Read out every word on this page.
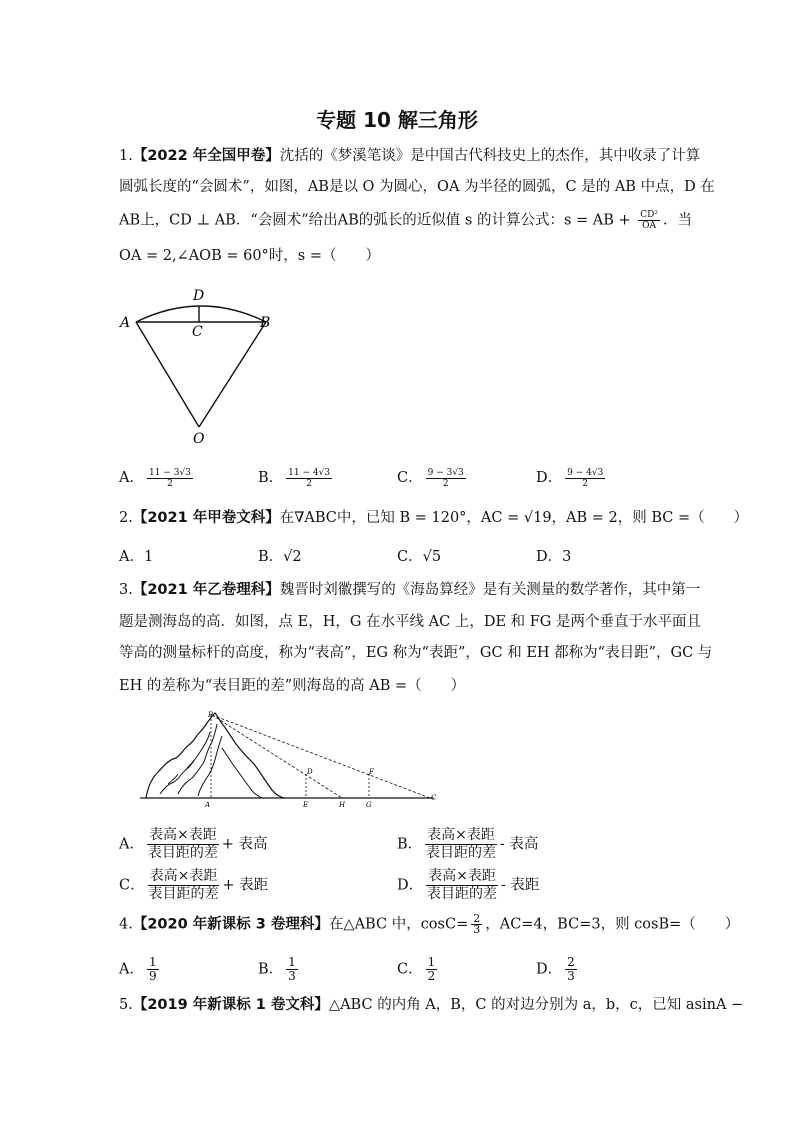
专题 10 解三角形
1.【2022 年全国甲卷】沈括的《梦溪笔谈》是中国古代科技史上的杰作，其中收录了计算
圆弧长度的“会圆术”，如图，AB是以 O 为圆心，OA 为半径的圆弧，C 是的 AB 中点，D 在
AB上，CD ⊥ AB．“会圆术”给出AB的弧长的近似值 s 的计算公式：s = AB + $\frac{\text{CD²}}{OA}$ ．当
OA = 2,∠AOB = 60°时，s =（　　）
D
A
C
B
O
A． $\frac{11 - 3√3}{2}$	B． $\frac{11 - 4√3}{2}$	C． $\frac{9 - 3√3}{2}$	D． $\frac{9 - 4√3}{2}$
2.【2021 年甲卷文科】在∇ABC中，已知 B = 120°，AC = √19，AB = 2，则 BC =（　　）
A．1	B．√2	C．√5	D．3
3.【2021 年乙卷理科】魏晋时刘徽撰写的《海岛算经》是有关测量的数学著作，其中第一
题是测海岛的高．如图，点 E，H，G 在水平线 AC 上，DE 和 FG 是两个垂直于水平面且
等高的测量标杆的高度，称为“表高”，EG 称为“表距”，GC 和 EH 都称为“表目距”，GC 与
EH 的差称为“表目距的差”则海岛的高 AB =（　　）
B
A
D
E	H
F
G
C
A． $\frac{\text{表高×表距}}{\text{表目距的差}}$ + 表高	B． $\frac{\text{表高×表距}}{\text{表目距的差}}$ - 表高
C． $\frac{\text{表高×表距}}{\text{表目距的差}}$ + 表距	D． $\frac{\text{表高×表距}}{\text{表目距的差}}$ - 表距
4.【2020 年新课标 3 卷理科】在△ABC 中，$\cos C= \frac{2}{3}$ ，AC=4，BC=3，则 cosB=（　　）
A． $\frac{1}{9}$	B． $\frac{1}{3}$	C． $\frac{1}{2}$	D． $\frac{2}{3}$
5.【2019 年新课标 1 卷文科】△ABC 的内角 A，B，C 的对边分别为 a，b，c，已知 asinA −
